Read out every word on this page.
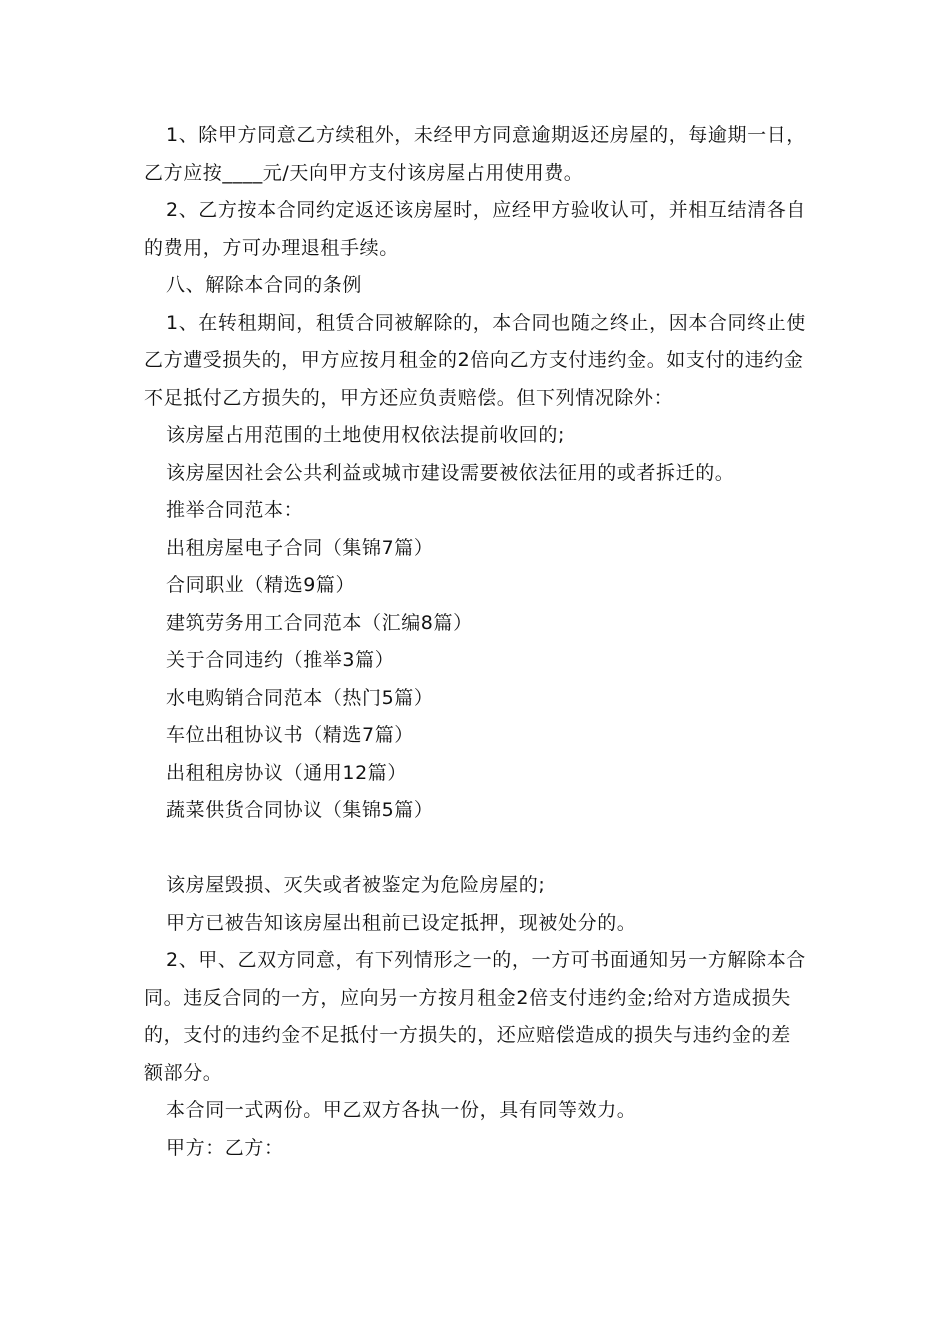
1、除甲方同意乙方续租外，未经甲方同意逾期返还房屋的，每逾期一日，乙方应按____元/天向甲方支付该房屋占用使用费。

2、乙方按本合同约定返还该房屋时，应经甲方验收认可，并相互结清各自的费用，方可办理退租手续。

八、解除本合同的条例

1、在转租期间，租赁合同被解除的，本合同也随之终止，因本合同终止使乙方遭受损失的，甲方应按月租金的2倍向乙方支付违约金。如支付的违约金不足抵付乙方损失的，甲方还应负责赔偿。但下列情况除外：

该房屋占用范围的土地使用权依法提前收回的;

该房屋因社会公共利益或城市建设需要被依法征用的或者拆迁的。

推举合同范本：

出租房屋电子合同（集锦7篇）
合同职业（精选9篇）
建筑劳务用工合同范本（汇编8篇）
关于合同违约（推举3篇）
水电购销合同范本（热门5篇）
车位出租协议书（精选7篇）
出租租房协议（通用12篇）
蔬菜供货合同协议（集锦5篇）

该房屋毁损、灭失或者被鉴定为危险房屋的;

甲方已被告知该房屋出租前已设定抵押，现被处分的。

2、甲、乙双方同意，有下列情形之一的，一方可书面通知另一方解除本合同。违反合同的一方，应向另一方按月租金2倍支付违约金;给对方造成损失的，支付的违约金不足抵付一方损失的，还应赔偿造成的损失与违约金的差额部分。

本合同一式两份。甲乙双方各执一份，具有同等效力。

甲方：乙方：
